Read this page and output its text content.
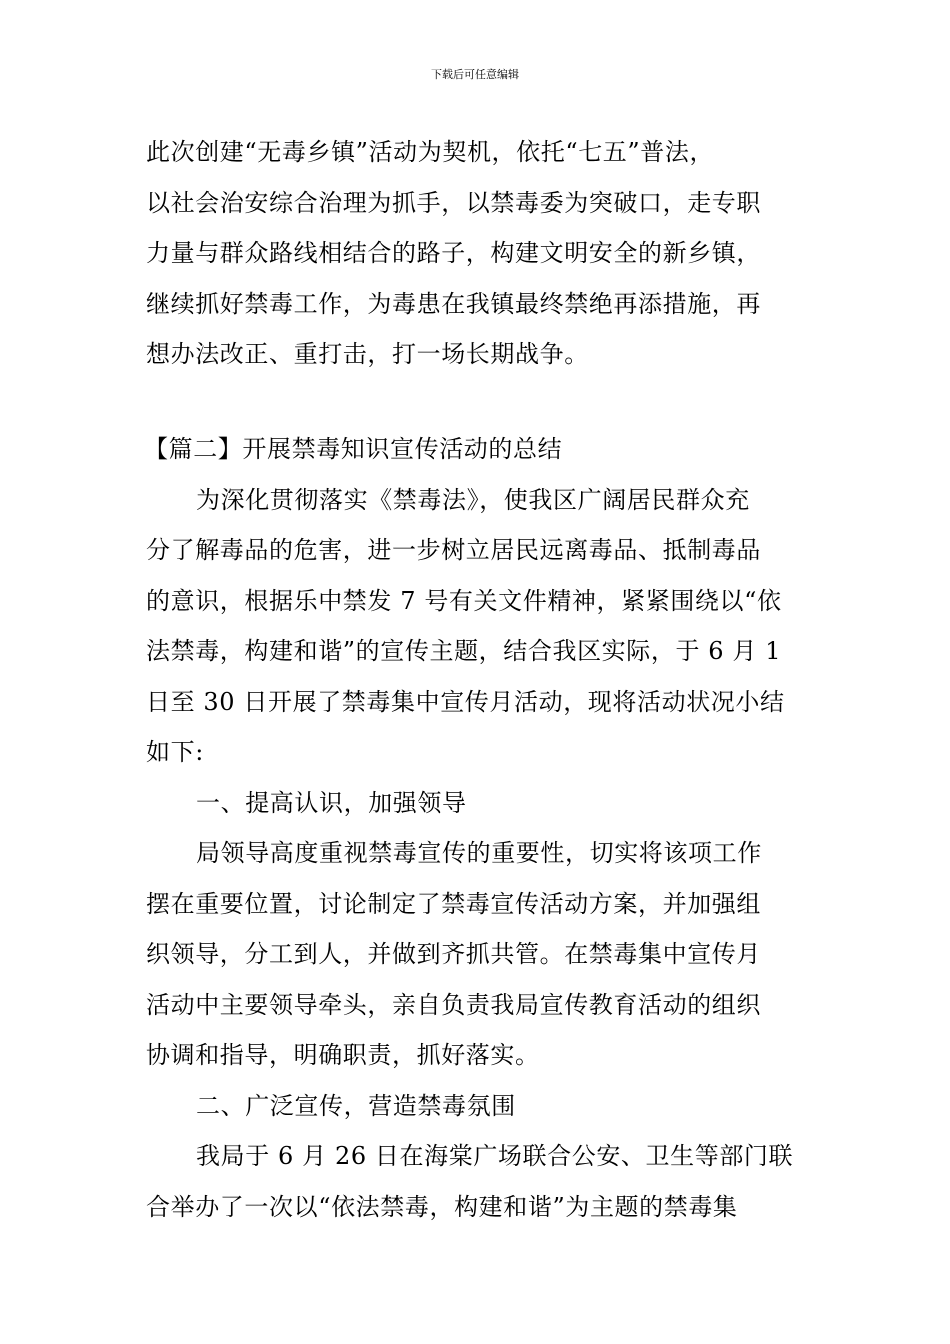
下载后可任意编辑
此次创建“无毒乡镇”活动为契机，依托“七五”普法，
以社会治安综合治理为抓手，以禁毒委为突破口，走专职
力量与群众路线相结合的路子，构建文明安全的新乡镇，
继续抓好禁毒工作，为毒患在我镇最终禁绝再添措施，再
想办法改正、重打击，打一场长期战争。
【篇二】开展禁毒知识宣传活动的总结
为深化贯彻落实《禁毒法》，使我区广阔居民群众充
分了解毒品的危害，进一步树立居民远离毒品、抵制毒品
的意识，根据乐中禁发 7 号有关文件精神，紧紧围绕以“依
法禁毒，构建和谐”的宣传主题，结合我区实际，于 6 月 1
日至 30 日开展了禁毒集中宣传月活动，现将活动状况小结
如下:
一、提高认识，加强领导
局领导高度重视禁毒宣传的重要性，切实将该项工作
摆在重要位置，讨论制定了禁毒宣传活动方案，并加强组
织领导，分工到人，并做到齐抓共管。在禁毒集中宣传月
活动中主要领导牵头，亲自负责我局宣传教育活动的组织
协调和指导，明确职责，抓好落实。
二、广泛宣传，营造禁毒氛围
我局于 6 月 26 日在海棠广场联合公安、卫生等部门联
合举办了一次以“依法禁毒，构建和谐”为主题的禁毒集
